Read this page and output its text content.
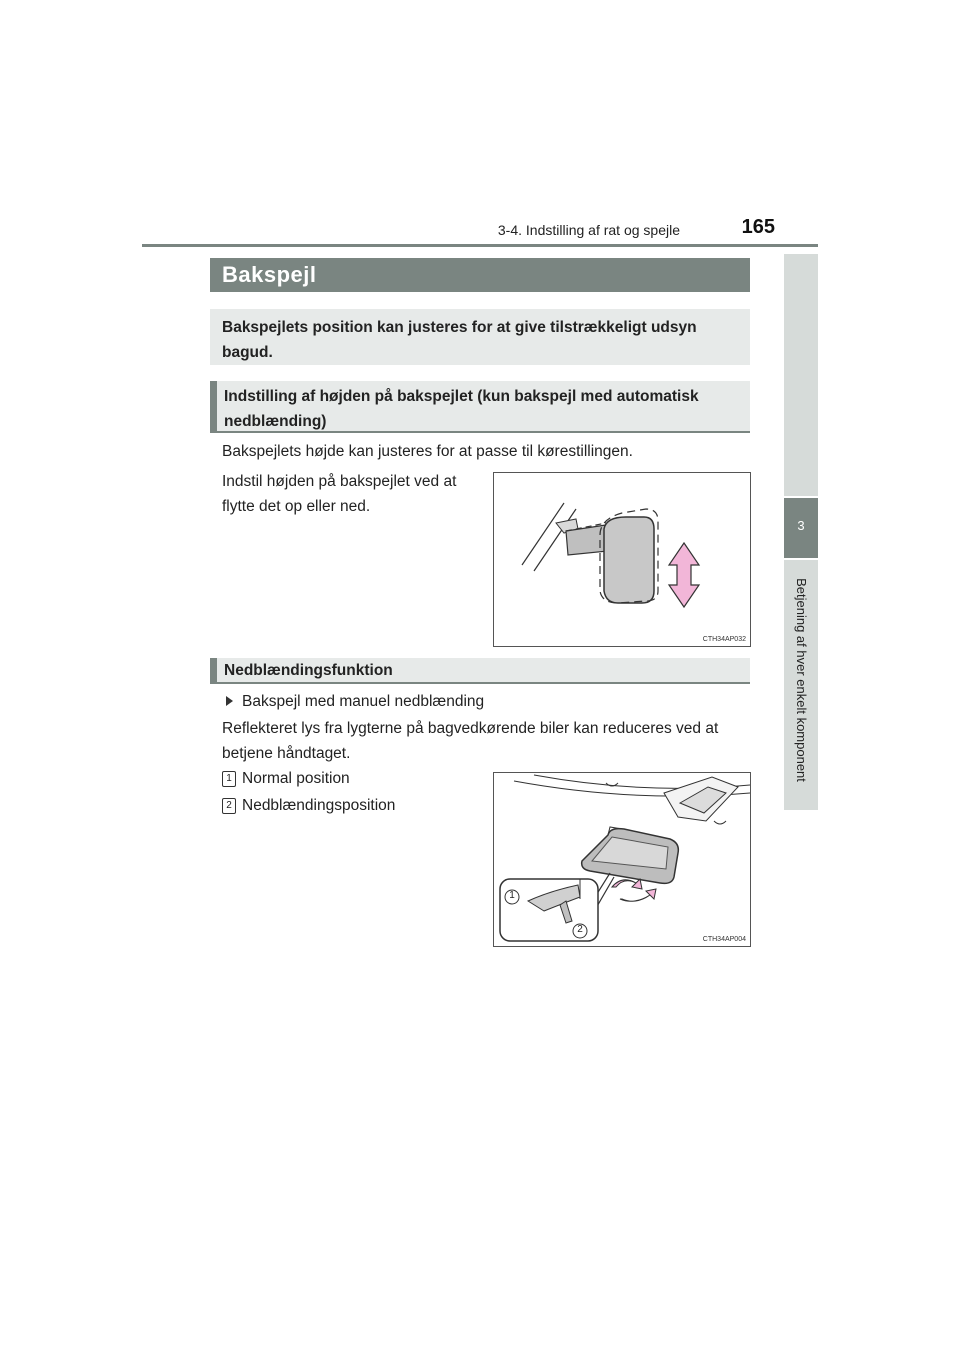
3-4. Indstilling af rat og spejle	165
3
Betjening af hver enkelt komponent
Bakspejl
Bakspejlets position kan justeres for at give tilstrækkeligt udsyn bagud.
Indstilling af højden på bakspejlet (kun bakspejl med automatisk nedblænding)
Bakspejlets højde kan justeres for at passe til kørestillingen.
Indstil højden på bakspejlet ved at flytte det op eller ned.
CTH34AP032
Nedblændingsfunktion
Bakspejl med manuel nedblænding
Reflekteret lys fra lygterne på bagvedkørende biler kan reduceres ved at betjene håndtaget.
1 Normal position
2 Nedblændingsposition
1
2
CTH34AP004
